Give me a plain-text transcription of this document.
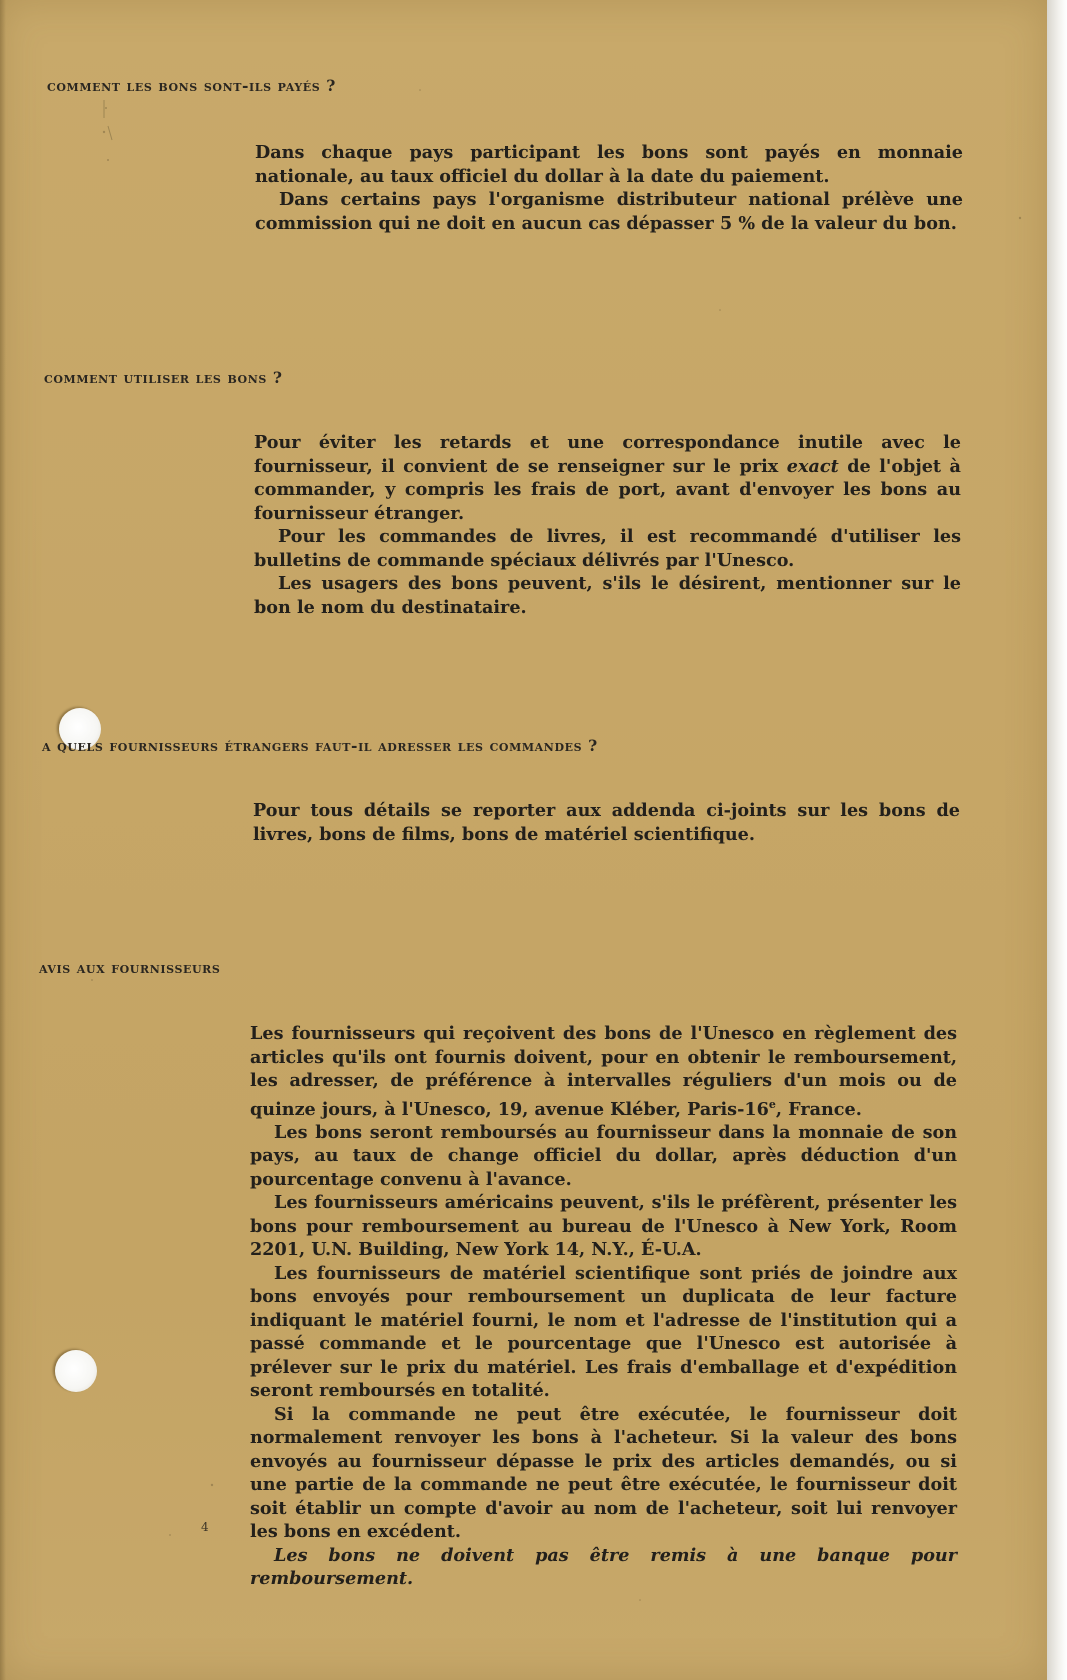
comment les bons sont-ils payés ?

Dans chaque pays participant les bons sont payés en monnaie nationale, au taux officiel du dollar à la date du paiement.

Dans certains pays l'organisme distributeur national prélève une commission qui ne doit en aucun cas dépasser 5 % de la valeur du bon.

comment utiliser les bons ?

Pour éviter les retards et une correspondance inutile avec le fournisseur, il convient de se renseigner sur le prix exact de l'objet à commander, y compris les frais de port, avant d'envoyer les bons au fournisseur étranger.

Pour les commandes de livres, il est recommandé d'utiliser les bulletins de commande spéciaux délivrés par l'Unesco.

Les usagers des bons peuvent, s'ils le désirent, mentionner sur le bon le nom du destinataire.

a quels fournisseurs étrangers faut-il adresser les commandes ?

Pour tous détails se reporter aux addenda ci-joints sur les bons de livres, bons de films, bons de matériel scientifique.

avis aux fournisseurs

Les fournisseurs qui reçoivent des bons de l'Unesco en règlement des articles qu'ils ont fournis doivent, pour en obtenir le remboursement, les adresser, de préférence à intervalles réguliers d'un mois ou de quinze jours, à l'Unesco, 19, avenue Kléber, Paris-16e, France.

Les bons seront remboursés au fournisseur dans la monnaie de son pays, au taux de change officiel du dollar, après déduction d'un pourcentage convenu à l'avance.

Les fournisseurs américains peuvent, s'ils le préfèrent, présenter les bons pour remboursement au bureau de l'Unesco à New York, Room 2201, U.N. Building, New York 14, N.Y., É-U.A.

Les fournisseurs de matériel scientifique sont priés de joindre aux bons envoyés pour remboursement un duplicata de leur facture indiquant le matériel fourni, le nom et l'adresse de l'institution qui a passé commande et le pourcentage que l'Unesco est autorisée à prélever sur le prix du matériel. Les frais d'emballage et d'expédition seront remboursés en totalité.

Si la commande ne peut être exécutée, le fournisseur doit normalement renvoyer les bons à l'acheteur. Si la valeur des bons envoyés au fournisseur dépasse le prix des articles demandés, ou si une partie de la commande ne peut être exécutée, le fournisseur doit soit établir un compte d'avoir au nom de l'acheteur, soit lui renvoyer les bons en excédent.

Les bons ne doivent pas être remis à une banque pour remboursement.

4
